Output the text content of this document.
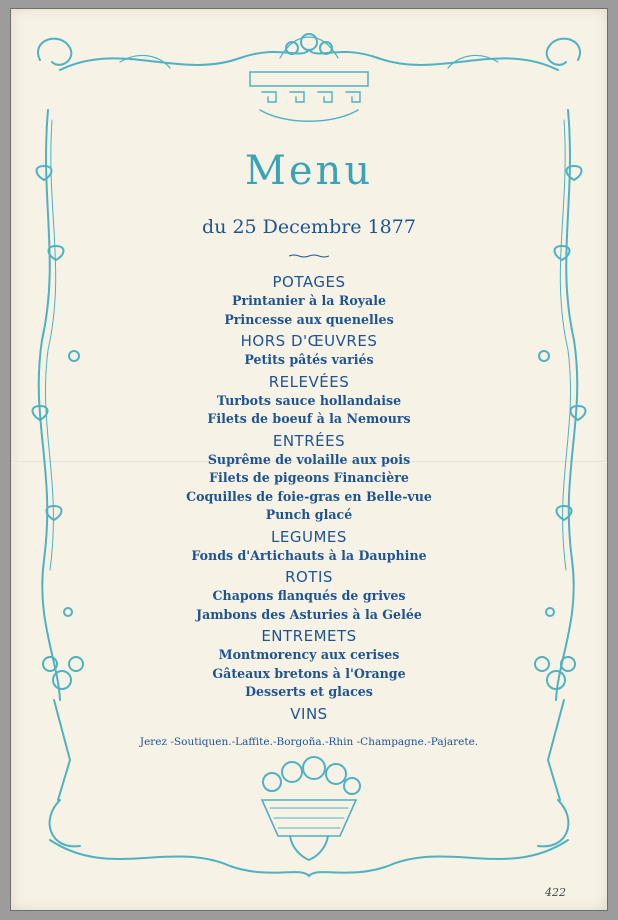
Menu
du 25 Decembre 1877
POTAGES
Printanier à la Royale
Princesse aux quenelles
HORS D'ŒUVRES
Petits pâtés variés
RELEVÉES
Turbots sauce hollandaise
Filets de boeuf à la Nemours
ENTRÉES
Suprême de volaille aux pois
Filets de pigeons Financière
Coquilles de foie-gras en Belle-vue
Punch glacé
LEGUMES
Fonds d'Artichauts à la Dauphine
ROTIS
Chapons flanqués de grives
Jambons des Asturies à la Gelée
ENTREMETS
Montmorency aux cerises
Gâteaux bretons à l'Orange
Desserts et glaces
VINS
Jerez -Soutiquen.-Laffite.-Borgoña.-Rhin -Champagne.-Pajarete.
422
